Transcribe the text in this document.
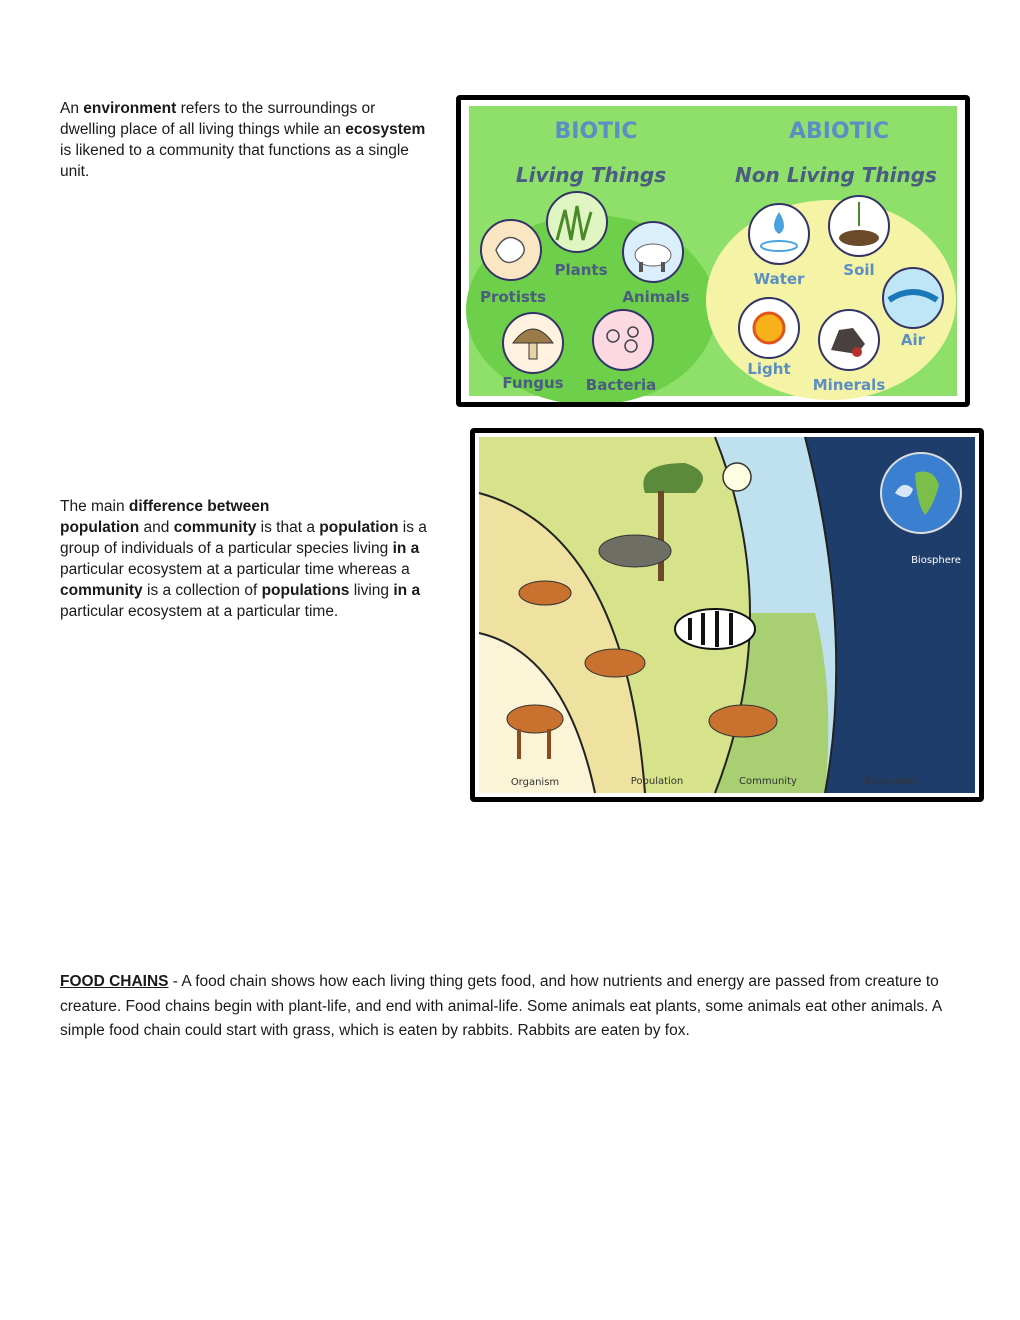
An environment refers to the surroundings or dwelling place of all living things while an ecosystem is likened to a community that functions as a single unit.
BIOTIC	ABIOTIC
Living Things	Non Living Things
Plants
Protists	Animals
Fungus Bacteria
Water	Soil
Air
Light
Minerals
The main difference between
population and community is that a population is a group of individuals of a particular species living in a particular ecosystem at a particular time whereas a community is a collection of populations living in a particular ecosystem at a particular time.
Organism	Population	Community	Ecosystem
Biosphere
FOOD CHAINS - A food chain shows how each living thing gets food, and how nutrients and energy are passed from creature to creature. Food chains begin with plant-life, and end with animal-life. Some animals eat plants, some animals eat other animals. A simple food chain could start with grass, which is eaten by rabbits. Rabbits are eaten by fox.
